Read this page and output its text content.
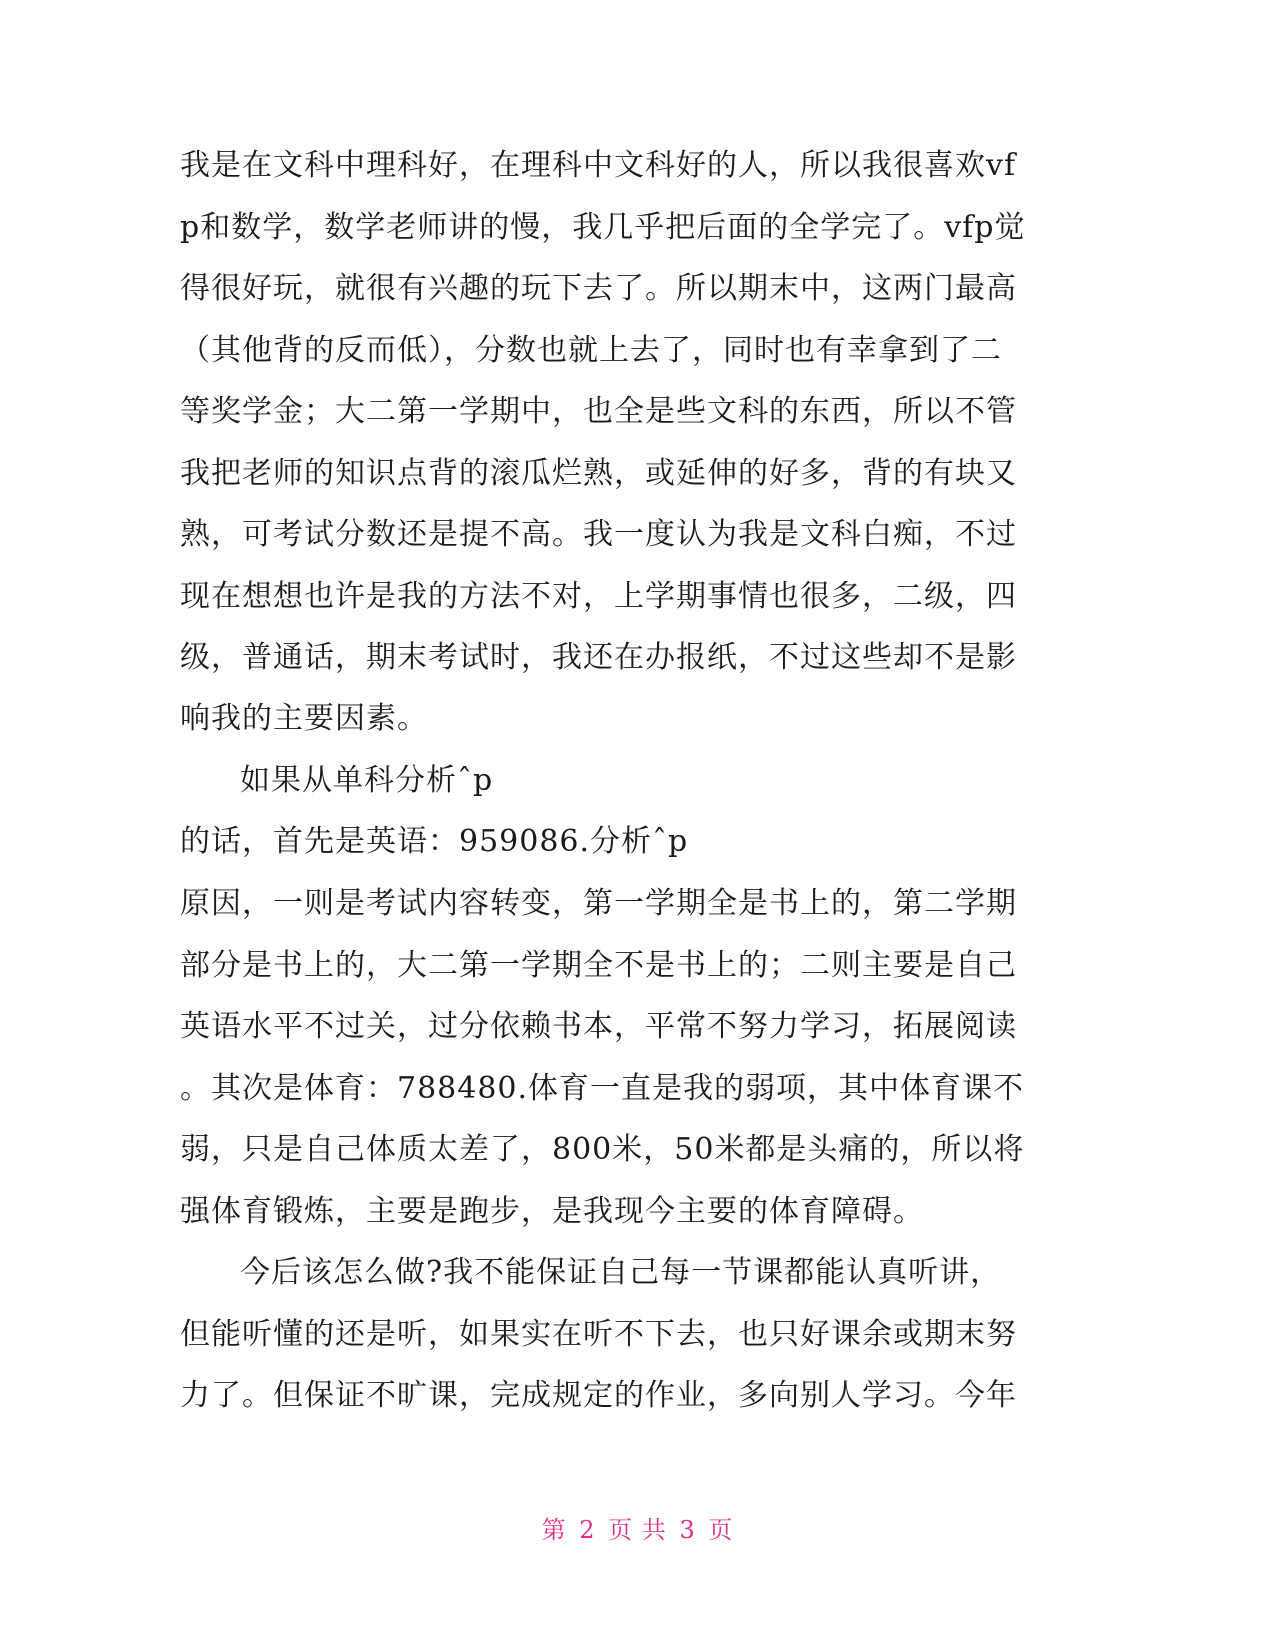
我是在文科中理科好，在理科中文科好的人，所以我很喜欢vf
p和数学，数学老师讲的慢，我几乎把后面的全学完了。vfp觉
得很好玩，就很有兴趣的玩下去了。所以期末中，这两门最高
（其他背的反而低），分数也就上去了，同时也有幸拿到了二
等奖学金；大二第一学期中，也全是些文科的东西，所以不管
我把老师的知识点背的滚瓜烂熟，或延伸的好多，背的有块又
熟，可考试分数还是提不高。我一度认为我是文科白痴，不过
现在想想也许是我的方法不对，上学期事情也很多，二级，四
级，普通话，期末考试时，我还在办报纸，不过这些却不是影
响我的主要因素。
如果从单科分析ˆp
的话，首先是英语：959086.分析ˆp
原因，一则是考试内容转变，第一学期全是书上的，第二学期
部分是书上的，大二第一学期全不是书上的；二则主要是自己
英语水平不过关，过分依赖书本，平常不努力学习，拓展阅读
。其次是体育：788480.体育一直是我的弱项，其中体育课不
弱，只是自己体质太差了，800米，50米都是头痛的，所以将
强体育锻炼，主要是跑步，是我现今主要的体育障碍。
今后该怎么做?我不能保证自己每一节课都能认真听讲，
但能听懂的还是听，如果实在听不下去，也只好课余或期末努
力了。但保证不旷课，完成规定的作业，多向别人学习。今年
第 2 页 共 3 页
